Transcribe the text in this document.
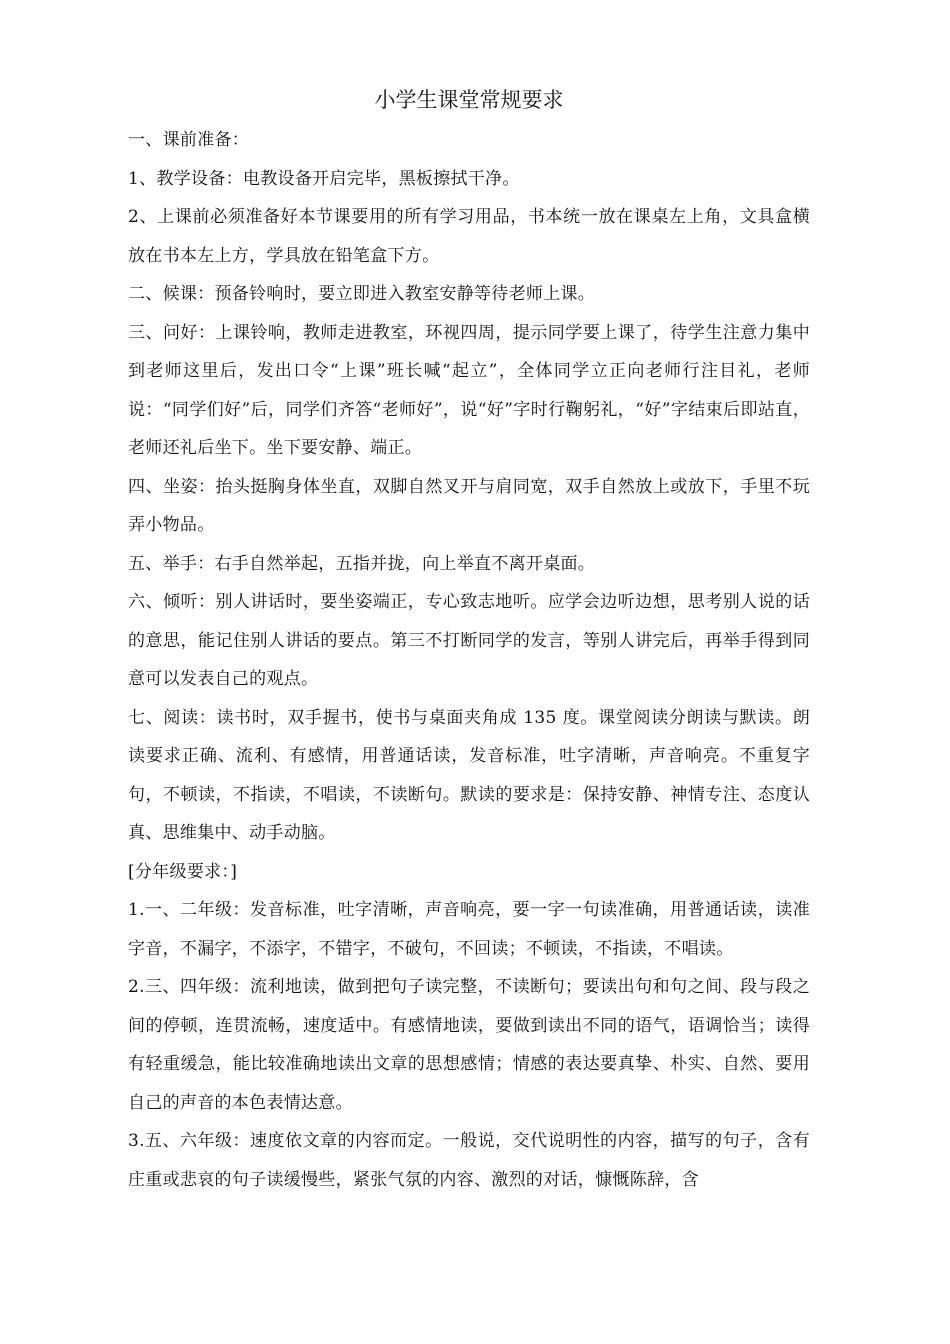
小学生课堂常规要求

一、课前准备：

1、教学设备：电教设备开启完毕，黑板擦拭干净。

2、上课前必须准备好本节课要用的所有学习用品，书本统一放在课桌左上角，文具盒横放在书本左上方，学具放在铅笔盒下方。

二、候课：预备铃响时，要立即进入教室安静等待老师上课。

三、问好：上课铃响，教师走进教室，环视四周，提示同学要上课了，待学生注意力集中到老师这里后，发出口令“上课”班长喊“起立”，全体同学立正向老师行注目礼，老师说：“同学们好”后，同学们齐答“老师好”，说“好”字时行鞠躬礼，“好”字结束后即站直，老师还礼后坐下。坐下要安静、端正。

四、坐姿：抬头挺胸身体坐直，双脚自然叉开与肩同宽，双手自然放上或放下，手里不玩弄小物品。

五、举手：右手自然举起，五指并拢，向上举直不离开桌面。

六、倾听：别人讲话时，要坐姿端正，专心致志地听。应学会边听边想，思考别人说的话的意思，能记住别人讲话的要点。第三不打断同学的发言，等别人讲完后，再举手得到同意可以发表自己的观点。

七、阅读：读书时，双手握书，使书与桌面夹角成 135 度。课堂阅读分朗读与默读。朗读要求正确、流利、有感情，用普通话读，发音标准，吐字清晰，声音响亮。不重复字句，不顿读，不指读，不唱读，不读断句。默读的要求是：保持安静、神情专注、态度认真、思维集中、动手动脑。

[分年级要求：]

1.一、二年级：发音标准，吐字清晰，声音响亮，要一字一句读准确，用普通话读，读准字音，不漏字，不添字，不错字，不破句，不回读；不顿读，不指读，不唱读。

2.三、四年级：流利地读，做到把句子读完整，不读断句；要读出句和句之间、段与段之间的停顿，连贯流畅，速度适中。有感情地读，要做到读出不同的语气，语调恰当；读得有轻重缓急，能比较准确地读出文章的思想感情；情感的表达要真挚、朴实、自然、要用自己的声音的本色表情达意。

3.五、六年级：速度依文章的内容而定。一般说，交代说明性的内容，描写的句子，含有庄重或悲哀的句子读缓慢些，紧张气氛的内容、激烈的对话，慷慨陈辞，含
